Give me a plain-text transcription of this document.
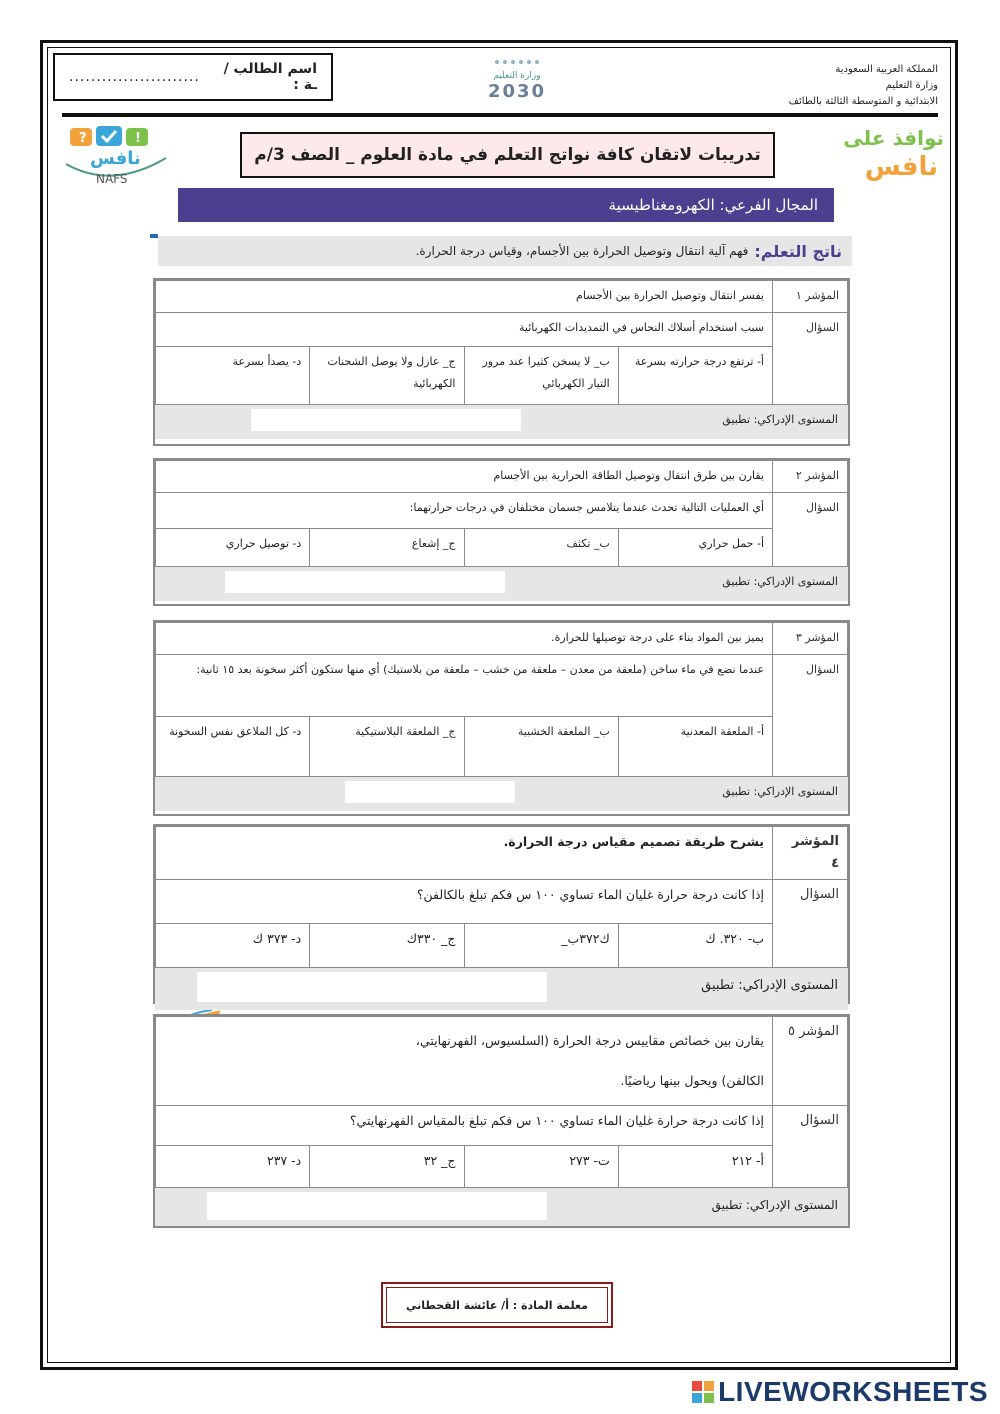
المملكة العربية السعودية
وزارة التعليم
الابتدائية و المتوسطة الثالثة بالطائف
اسم الطالب / ـة :
........................	وزارة التعليم
2030
?	!
نافس
NAFS
نوافذ على
نافس
تدريبات لاتقان كافة نواتج التعلم في مادة العلوم _ الصف 3/م
المجال الفرعي: الكهرومغناطيسية
ناتج التعلم:
فهم آلية انتقال وتوصيل الحرارة بين الأجسام، وقياس درجة الحرارة.
المؤشر ١	يفسر انتقال وتوصيل الحرارة بين الأجسام			
السؤال	سبب استخدام أسلاك النحاس في التمديدات الكهربائية			
	أ- ترتفع درجة حرارته بسرعة	ب_ لا يسخن كثيرا عند مرور التيار الكهربائي	ج_ عازل ولا يوصل الشحنات الكهربائية	د- يصدأ بسرعة
المستوى الإدراكي: تطبيق
المؤشر ٢	يقارن بين طرق انتقال وتوصيل الطاقة الحرارية بين الأجسام			
السؤال	أي العمليات التالية تحدث عندما يتلامس جسمان مختلفان في درجات حرارتهما:			
	أ- حمل حراري	ب_ تكثف	ج_ إشعاع	د- توصيل حراري
المستوى الإدراكي: تطبيق
المؤشر ٣	يميز بين المواد بناء على درجة توصيلها للحرارة.			
السؤال	عندما نضع في ماء ساخن (ملعقة من معدن – ملعقة من خشب – ملعقة من بلاستيك) أي منها ستكون أكثر سخونة بعد ١٥ ثانية:			
	أ- الملعقة المعدنية	ب_ الملعقة الخشبية	ج_ الملعقة البلاستيكية	د- كل الملاعق نفس السخونة
المستوى الإدراكي: تطبيق
المؤشر ٤	يشرح طريقة تصميم مقياس درجة الحرارة.			
السؤال	إذا كانت درجة حرارة غليان الماء تساوي ١٠٠ س فكم تبلغ بالكالفن؟			
	ب- ٣٢٠. ك	ك٣٧٢ب_	ج_ ٣٣٠ك	د- ٣٧٣ ك
المستوى الإدراكي: تطبيق
المؤشر ٥	يقارن بين خصائص مقاييس درجة الحرارة (السلسيوس، الفهرنهايتي،
الكالفن) ويحول بينها رياضيًا.			

السؤال	إذا كانت درجة حرارة غليان الماء تساوي ١٠٠ س فكم تبلغ بالمقياس الفهرنهايتي؟			
	أ- ٢١٢	ت- ٢٧٣	ج_ ٣٢	د- ٢٣٧
المستوى الإدراكي: تطبيق
معلمة المادة : أ/ عائشة القحطاني
LIVEWORKSHEETS
